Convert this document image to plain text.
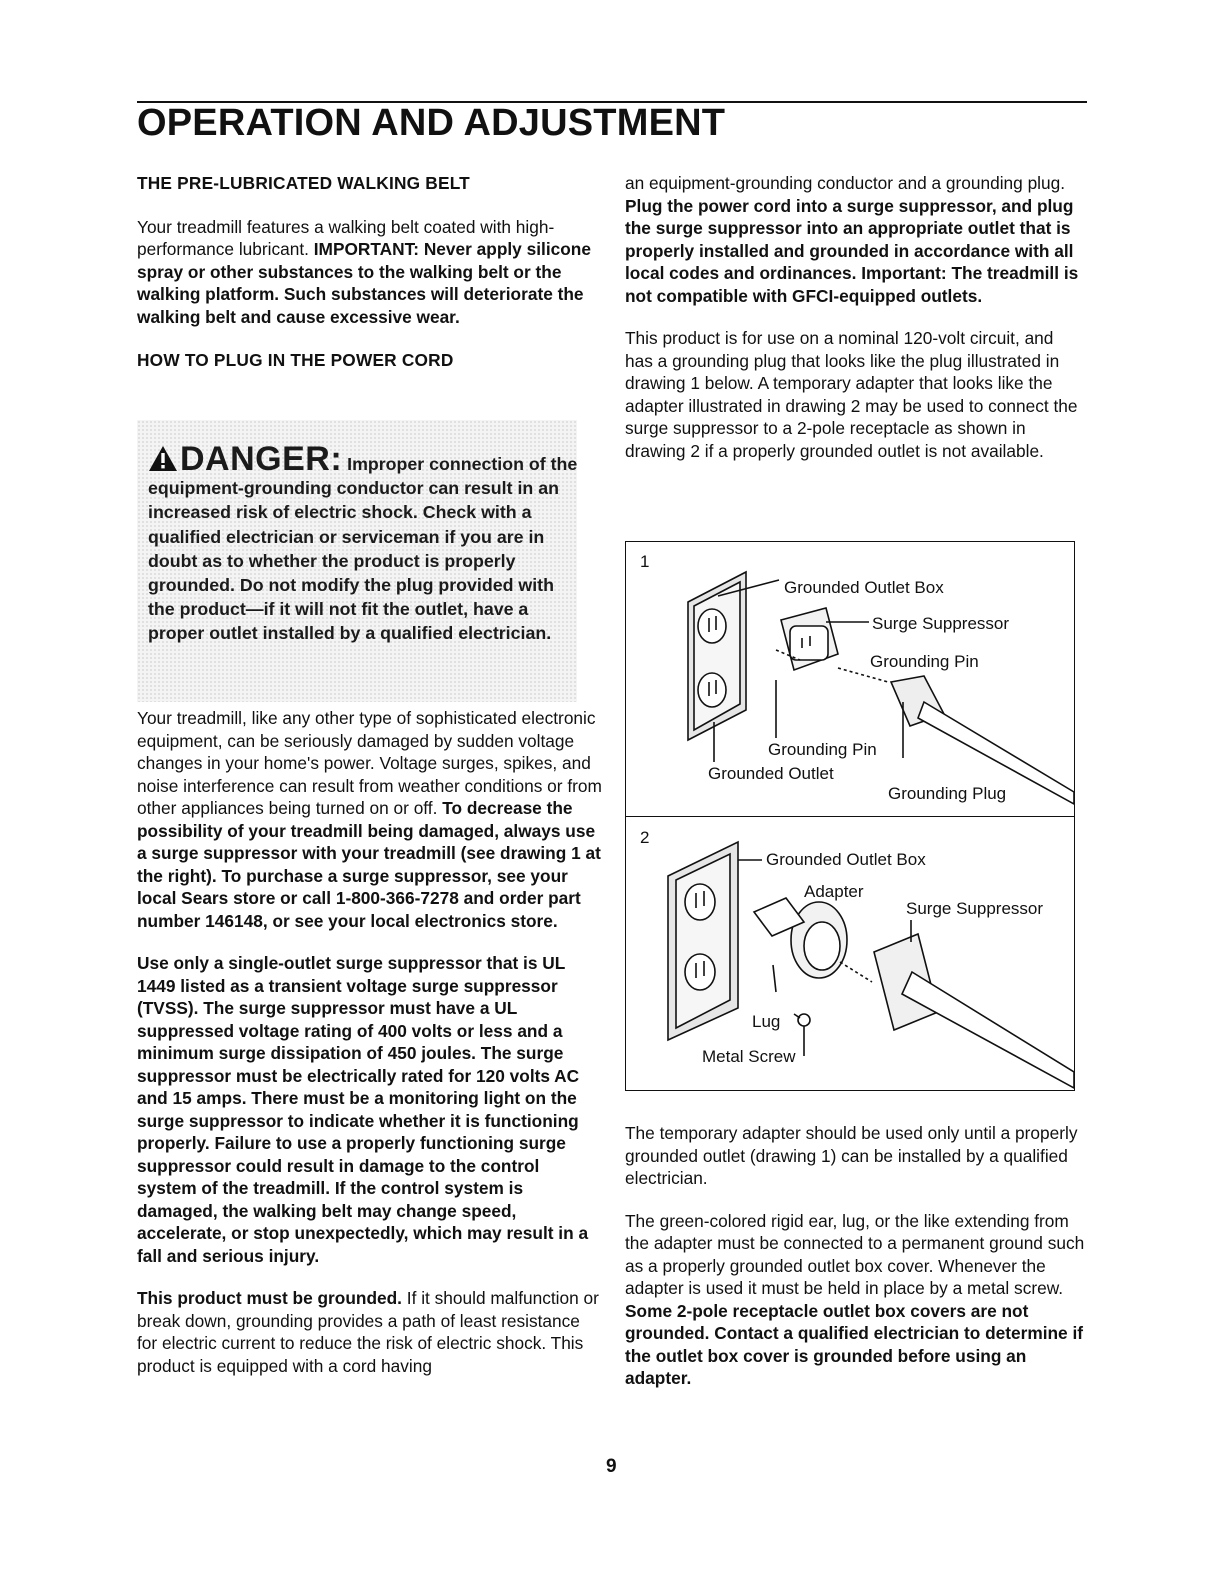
OPERATION AND ADJUSTMENT

THE PRE-LUBRICATED WALKING BELT

Your treadmill features a walking belt coated with high-performance lubricant. IMPORTANT: Never apply silicone spray or other substances to the walking belt or the walking platform. Such substances will deteriorate the walking belt and cause excessive wear.

HOW TO PLUG IN THE POWER CORD

DANGER: Improper connection of the equipment-grounding conductor can result in an increased risk of electric shock. Check with a qualified electrician or serviceman if you are in doubt as to whether the product is properly grounded. Do not modify the plug provided with the product—if it will not fit the outlet, have a proper outlet installed by a qualified electrician.

Your treadmill, like any other type of sophisticated electronic equipment, can be seriously damaged by sudden voltage changes in your home's power. Voltage surges, spikes, and noise interference can result from weather conditions or from other appliances being turned on or off. To decrease the possibility of your treadmill being damaged, always use a surge suppressor with your treadmill (see drawing 1 at the right). To purchase a surge suppressor, see your local Sears store or call 1-800-366-7278 and order part number 146148, or see your local electronics store.

Use only a single-outlet surge suppressor that is UL 1449 listed as a transient voltage surge suppressor (TVSS). The surge suppressor must have a UL suppressed voltage rating of 400 volts or less and a minimum surge dissipation of 450 joules. The surge suppressor must be electrically rated for 120 volts AC and 15 amps. There must be a monitoring light on the surge suppressor to indicate whether it is functioning properly. Failure to use a properly functioning surge suppressor could result in damage to the control system of the treadmill. If the control system is damaged, the walking belt may change speed, accelerate, or stop unexpectedly, which may result in a fall and serious injury.

This product must be grounded. If it should malfunction or break down, grounding provides a path of least resistance for electric current to reduce the risk of electric shock. This product is equipped with a cord having

an equipment-grounding conductor and a grounding plug. Plug the power cord into a surge suppressor, and plug the surge suppressor into an appropriate outlet that is properly installed and grounded in accordance with all local codes and ordinances. Important: The treadmill is not compatible with GFCI-equipped outlets.

This product is for use on a nominal 120-volt circuit, and has a grounding plug that looks like the plug illustrated in drawing 1 below. A temporary adapter that looks like the adapter illustrated in drawing 2 may be used to connect the surge suppressor to a 2-pole receptacle as shown in drawing 2 if a properly grounded outlet is not available.

1
Grounded Outlet Box
Surge Suppressor
Grounding Pin
Grounding Pin
Grounded Outlet
Grounding Plug
2
Grounded Outlet Box
Adapter
Surge Suppressor
Lug
Metal Screw

The temporary adapter should be used only until a properly grounded outlet (drawing 1) can be installed by a qualified electrician.

The green-colored rigid ear, lug, or the like extending from the adapter must be connected to a permanent ground such as a properly grounded outlet box cover. Whenever the adapter is used it must be held in place by a metal screw. Some 2-pole receptacle outlet box covers are not grounded. Contact a qualified electrician to determine if the outlet box cover is grounded before using an adapter.

9
